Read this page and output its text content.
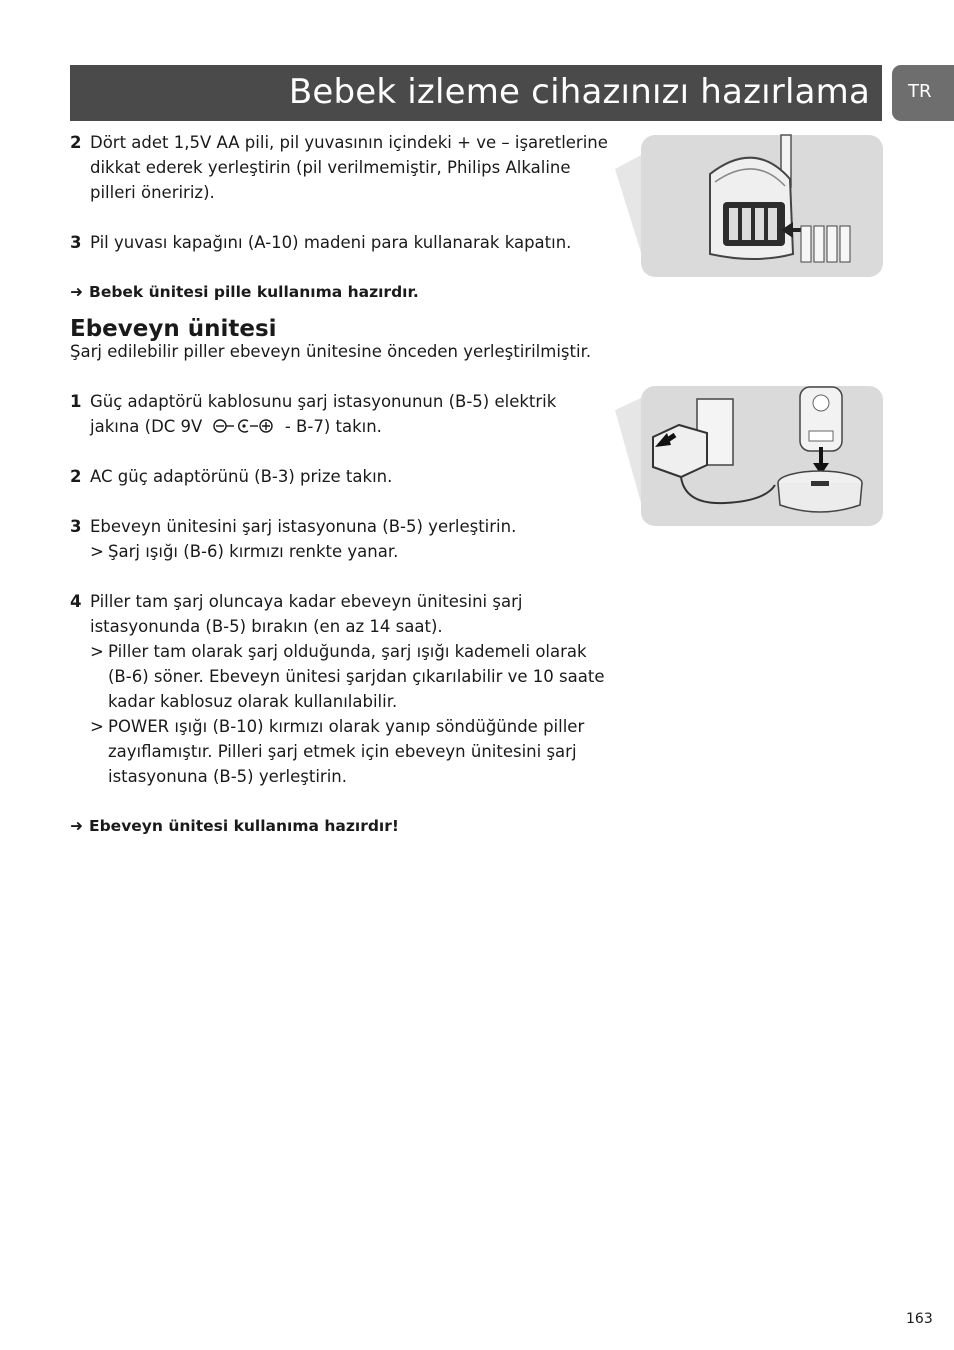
Bebek izleme cihazınızı hazırlama TR
2 Dört adet 1,5V AA pili, pil yuvasının içindeki + ve – işaretlerine dikkat ederek yerleştirin (pil verilmemiştir, Philips Alkaline pilleri öneririz).
3 Pil yuvası kapağını (A-10) madeni para kullanarak kapatın.
➜ Bebek ünitesi pille kullanıma hazırdır.
Ebeveyn ünitesi
Şarj edilebilir piller ebeveyn ünitesine önceden yerleştirilmiştir.
1 Güç adaptörü kablosunu şarj istasyonunun (B-5) elektrik jakına (DC 9V	- B-7) takın.
2 AC güç adaptörünü (B-3) prize takın.
3 Ebeveyn ünitesini şarj istasyonuna (B-5) yerleştirin.
> Şarj ışığı (B-6) kırmızı renkte yanar.
4 Piller tam şarj oluncaya kadar ebeveyn ünitesini şarj istasyonunda (B-5) bırakın (en az 14 saat).
> Piller tam olarak şarj olduğunda, şarj ışığı kademeli olarak (B-6) söner. Ebeveyn ünitesi şarjdan çıkarılabilir ve 10 saate kadar kablosuz olarak kullanılabilir.
> POWER ışığı (B-10) kırmızı olarak yanıp söndüğünde piller zayıflamıştır. Pilleri şarj etmek için ebeveyn ünitesini şarj istasyonuna (B-5) yerleştirin.
➜ Ebeveyn ünitesi kullanıma hazırdır!
163
